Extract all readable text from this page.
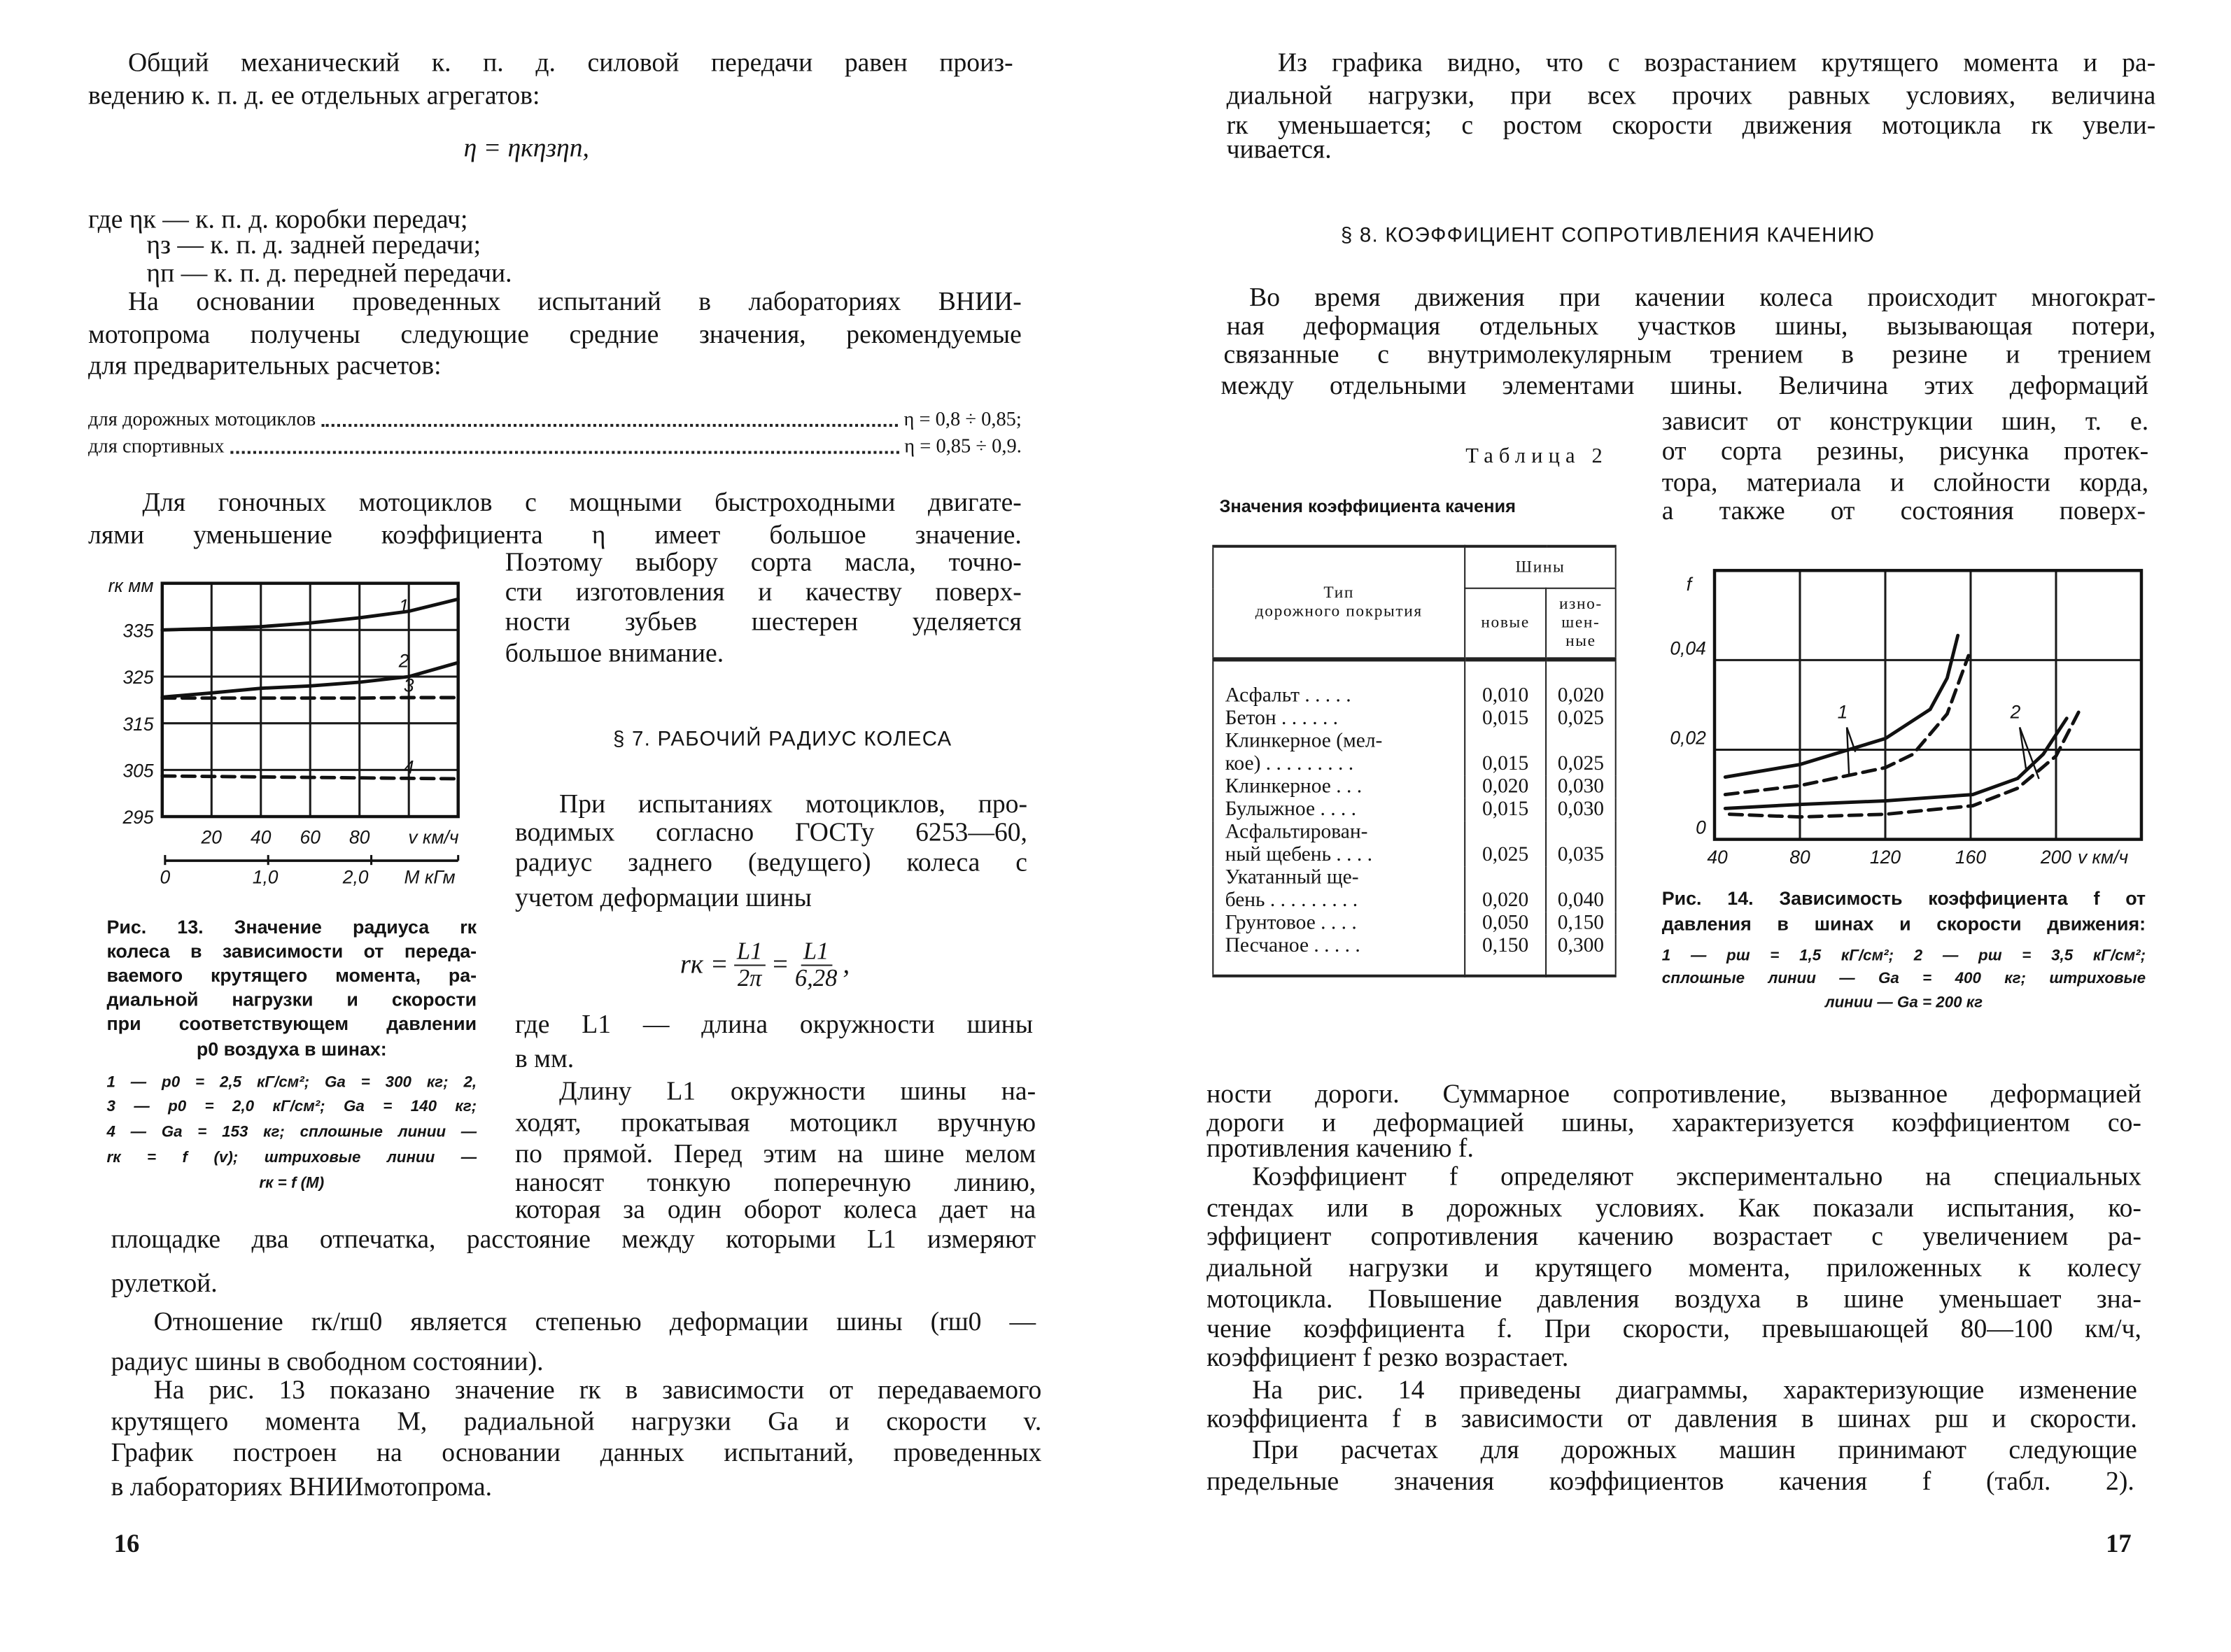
Общий механический к. п. д. силовой передачи равен произ-
ведению к. п. д. ее отдельных агрегатов:
где ηк — к. п. д. коробки передач;
ηз — к. п. д. задней передачи;
ηп — к. п. д. передней передачи.
На основании проведенных испытаний в лабораториях ВНИИ-
мотопрома получены следующие средние значения, рекомендуемые
для предварительных расчетов:
Для гоночных мотоциклов с мощными быстроходными двигате-
лями уменьшение коэффициента η имеет большое значение.
Поэтому выбору сорта масла, точно-
сти изготовления и качеству поверх-
ности зубьев шестерен уделяется
большое внимание.
При испытаниях мотоциклов, про-
водимых согласно ГОСТу 6253—60,
радиус заднего (ведущего) колеса с
учетом деформации шины
где L1 — длина окружности шины
в мм.
Длину L1 окружности шины на-
ходят, прокатывая мотоцикл вручную
по прямой. Перед этим на шине мелом
наносят тонкую поперечную линию,
которая за один оборот колеса дает на
площадке два отпечатка, расстояние между которыми L1 измеряют
рулеткой.
Отношение rк/rш0 является степенью деформации шины (rш0 —
радиус шины в свободном состоянии).
На рис. 13 показано значение rк в зависимости от передаваемого
крутящего момента M, радиальной нагрузки Gа и скорости v.
График построен на основании данных испытаний, проведенных
в лабораториях ВНИИмотопрома.
Из графика видно, что с возрастанием крутящего момента и ра-
диальной нагрузки, при всех прочих равных условиях, величина
rк уменьшается; с ростом скорости движения мотоцикла rк увели-
чивается.
Во время движения при качении колеса происходит многократ-
ная деформация отдельных участков шины, вызывающая потери,
связанные с внутримолекулярным трением в резине и трением
между отдельными элементами шины. Величина этих деформаций
зависит от конструкции шин, т. е.
от сорта резины, рисунка протек-
тора, материала и слойности корда,
а также от состояния поверх-
ности дороги. Суммарное сопротивление, вызванное деформацией
дороги и деформацией шины, характеризуется коэффициентом со-
противления качению f.
Коэффициент f определяют экспериментально на специальных
стендах или в дорожных условиях. Как показали испытания, ко-
эффициент сопротивления качению возрастает с увеличением ра-
диальной нагрузки и крутящего момента, приложенных к колесу
мотоцикла. Повышение давления воздуха в шине уменьшает зна-
чение коэффициента f. При скорости, превышающей 80—100 км/ч,
коэффициент f резко возрастает.
На рис. 14 приведены диаграммы, характеризующие изменение
коэффициента f в зависимости от давления в шинах pш и скорости.
При расчетах для дорожных машин принимают следующие
предельные значения коэффициентов качения f (табл. 2).
η = ηкηзηп,
для дорожных мотоциклов	η = 0,8 ÷ 0,85;
для спортивных	η = 0,85 ÷ 0,9.
§ 7. РАБОЧИЙ РАДИУС КОЛЕСА
rк = $\frac{L1}{2\pi} = \frac{L1}{6,28}$ ,
16	17
§ 8. КОЭФФИЦИЕНТ СОПРОТИВЛЕНИЯ КАЧЕНИЮ
Таблица 2
Значения коэффициента качения
Тип
дорожного покрытия	Шины	
	новые	изно-
шен-
ные
Асфальт . . . . .	0,010	0,020
Бетон . . . . . .	0,015	0,025
Клинкерное (мел-
кое) . . . . . . . . .	0,015	0,025
Клинкерное . . .	0,020	0,030
Булыжное . . . .	0,015	0,030
Асфальтирован-
ный щебень . . . .	0,025	0,035
Укатанный ще-
бень . . . . . . . . .	0,020	0,040
Грунтовое . . . .	0,050	0,150
Песчаное . . . . .	0,150	0,300
295
305
315
325
335
20	40	60	80	v км/ч
0	1,0	2,0	M кГм
rк мм
1
2
3
4
0
0,02
0,04
40	80	120	160	200 v км/ч
f
1	2
Рис. 13. Значение радиуса rк
колеса в зависимости от переда-
ваемого крутящего момента, ра-
диальной нагрузки и скорости
при соответствующем давлении
p0 воздуха в шинах:
1 — p0 = 2,5 кГ/см²; Gа = 300 кг; 2,
3 — p0 = 2,0 кГ/см²; Gа = 140 кг;
4 — Gа = 153 кг; сплошные линии —
rк = f (v); штриховые линии —
rк = f (M)
Рис. 14. Зависимость коэффициента f от
давления в шинах и скорости движения:
1 — pш = 1,5 кГ/см²; 2 — pш = 3,5 кГ/см²;
сплошные линии — Gа = 400 кг; штриховые
линии — Gа = 200 кг
